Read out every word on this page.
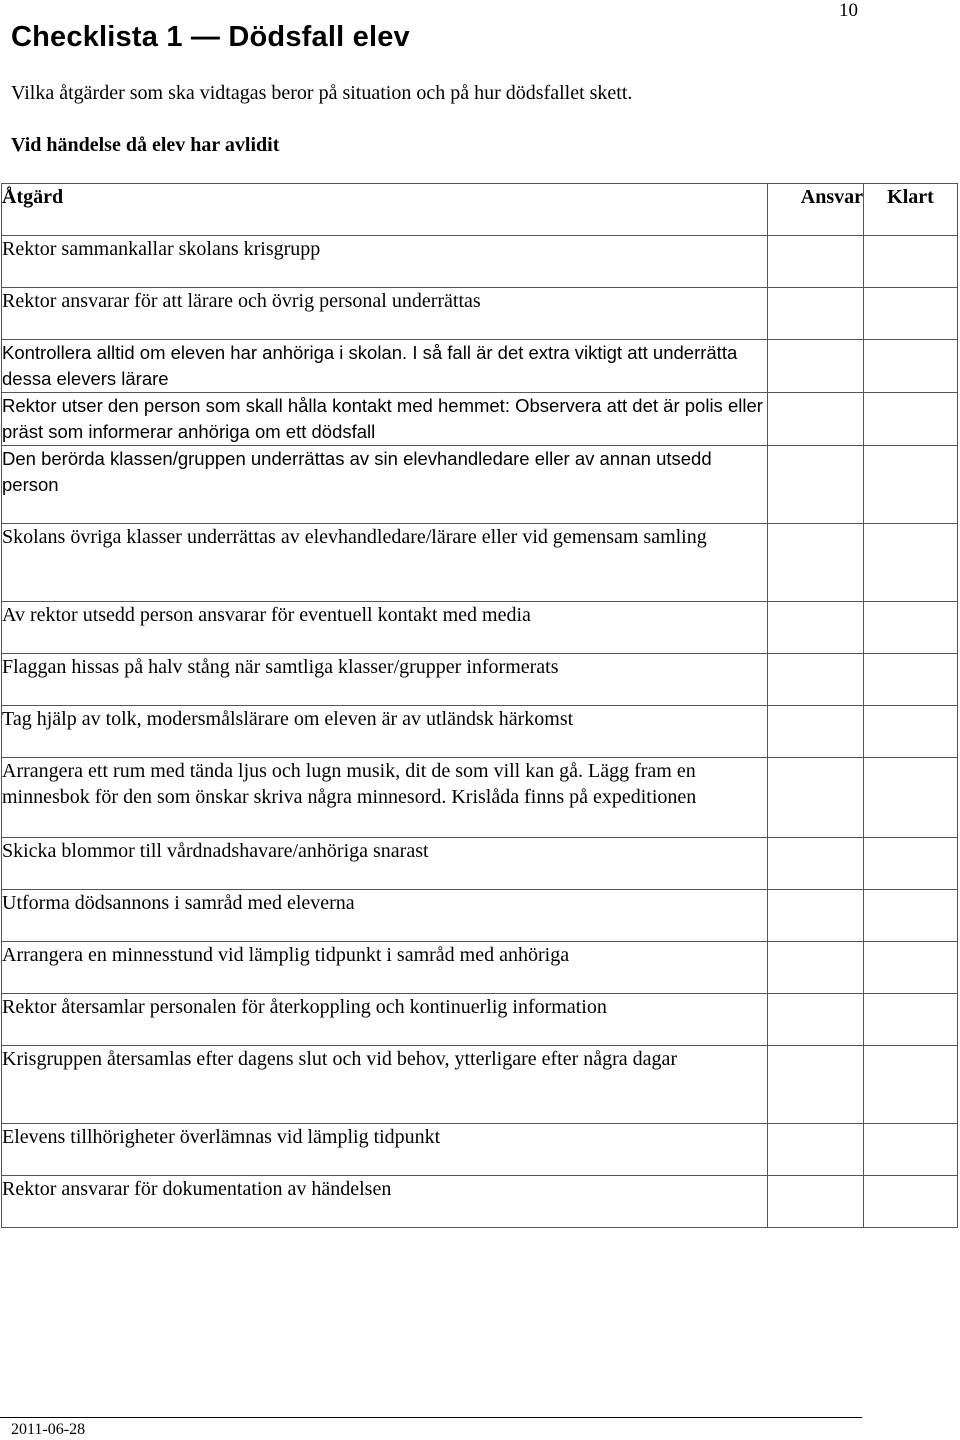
10
Checklista 1 — Dödsfall elev

Vilka åtgärder som ska vidtagas beror på situation och på hur dödsfallet skett.

Vid händelse då elev har avlidit

Åtgärd	Ansvar	Klart

Rektor sammankallar skolans krisgrupp		

Rektor ansvarar för att lärare och övrig personal underrättas		

Kontrollera alltid om eleven har anhöriga i skolan. I så fall är det extra viktigt att underrätta dessa elevers lärare		

Rektor utser den person som skall hålla kontakt med hemmet: Observera att det är polis eller präst som informerar anhöriga om ett dödsfall		

Den berörda klassen/gruppen underrättas av sin elevhandledare eller av annan utsedd person		

Skolans övriga klasser underrättas av elevhandledare/lärare eller vid gemensam samling		

Av rektor utsedd person ansvarar för eventuell kontakt med media		

Flaggan hissas på halv stång när samtliga klasser/grupper informerats		

Tag hjälp av tolk, modersmålslärare om eleven är av utländsk härkomst		

Arrangera ett rum med tända ljus och lugn musik, dit de som vill kan gå. Lägg fram en minnesbok för den som önskar skriva några minnesord. Krislåda finns på expeditionen		

Skicka blommor till vårdnadshavare/anhöriga snarast		

Utforma dödsannons i samråd med eleverna		

Arrangera en minnesstund vid lämplig tidpunkt i samråd med anhöriga		

Rektor återsamlar personalen för återkoppling och kontinuerlig information		

Krisgruppen återsamlas efter dagens slut och vid behov, ytterligare efter några dagar		

Elevens tillhörigheter överlämnas vid lämplig tidpunkt		

Rektor ansvarar för dokumentation av händelsen		

2011-06-28
